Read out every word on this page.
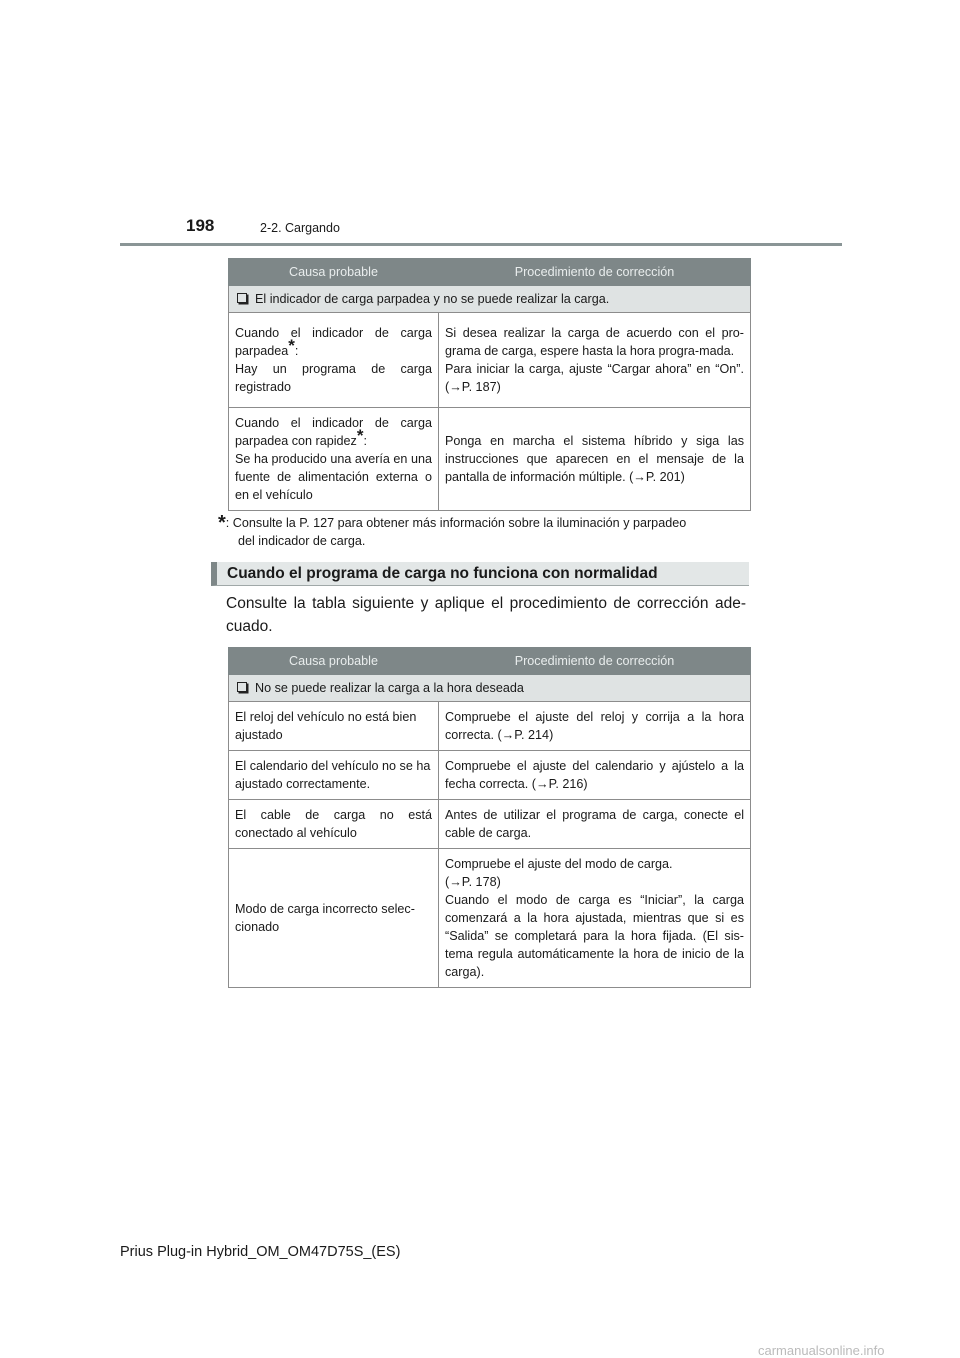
198	2-2. Cargando
Causa probable	Procedimiento de corrección
El indicador de carga parpadea y no se puede realizar la carga.	
Cuando el indicador de carga parpadea*:
Hay un programa de carga registrado	Si desea realizar la carga de acuerdo con el pro-grama de carga, espere hasta la hora progra-mada.
Para iniciar la carga, ajuste “Cargar ahora” en “On”. (→P. 187)
Cuando el indicador de carga parpadea con rapidez*:
Se ha producido una avería en una fuente de alimentación externa o en el vehículo	Ponga en marcha el sistema híbrido y siga las instrucciones que aparecen en el mensaje de la pantalla de información múltiple. (→P. 201)
*: Consulte la P. 127 para obtener más información sobre la iluminación y parpadeo
del indicador de carga.
Cuando el programa de carga no funciona con normalidad
Consulte la tabla siguiente y aplique el procedimiento de corrección ade-cuado.
Causa probable	Procedimiento de corrección
No se puede realizar la carga a la hora deseada	
El reloj del vehículo no está bien ajustado	Compruebe el ajuste del reloj y corrija a la hora correcta. (→P. 214)
El calendario del vehículo no se ha ajustado correctamente.	Compruebe el ajuste del calendario y ajústelo a la fecha correcta. (→P. 216)
El cable de carga no está conectado al vehículo	Antes de utilizar el programa de carga, conecte el cable de carga.
Modo de carga incorrecto selec-cionado	Compruebe el ajuste del modo de carga.
(→P. 178)
Cuando el modo de carga es “Iniciar”, la carga comenzará a la hora ajustada, mientras que si es “Salida” se completará para la hora fijada. (El sis-tema regula automáticamente la hora de inicio de la carga).
Prius Plug-in Hybrid_OM_OM47D75S_(ES)
carmanualsonline.info
